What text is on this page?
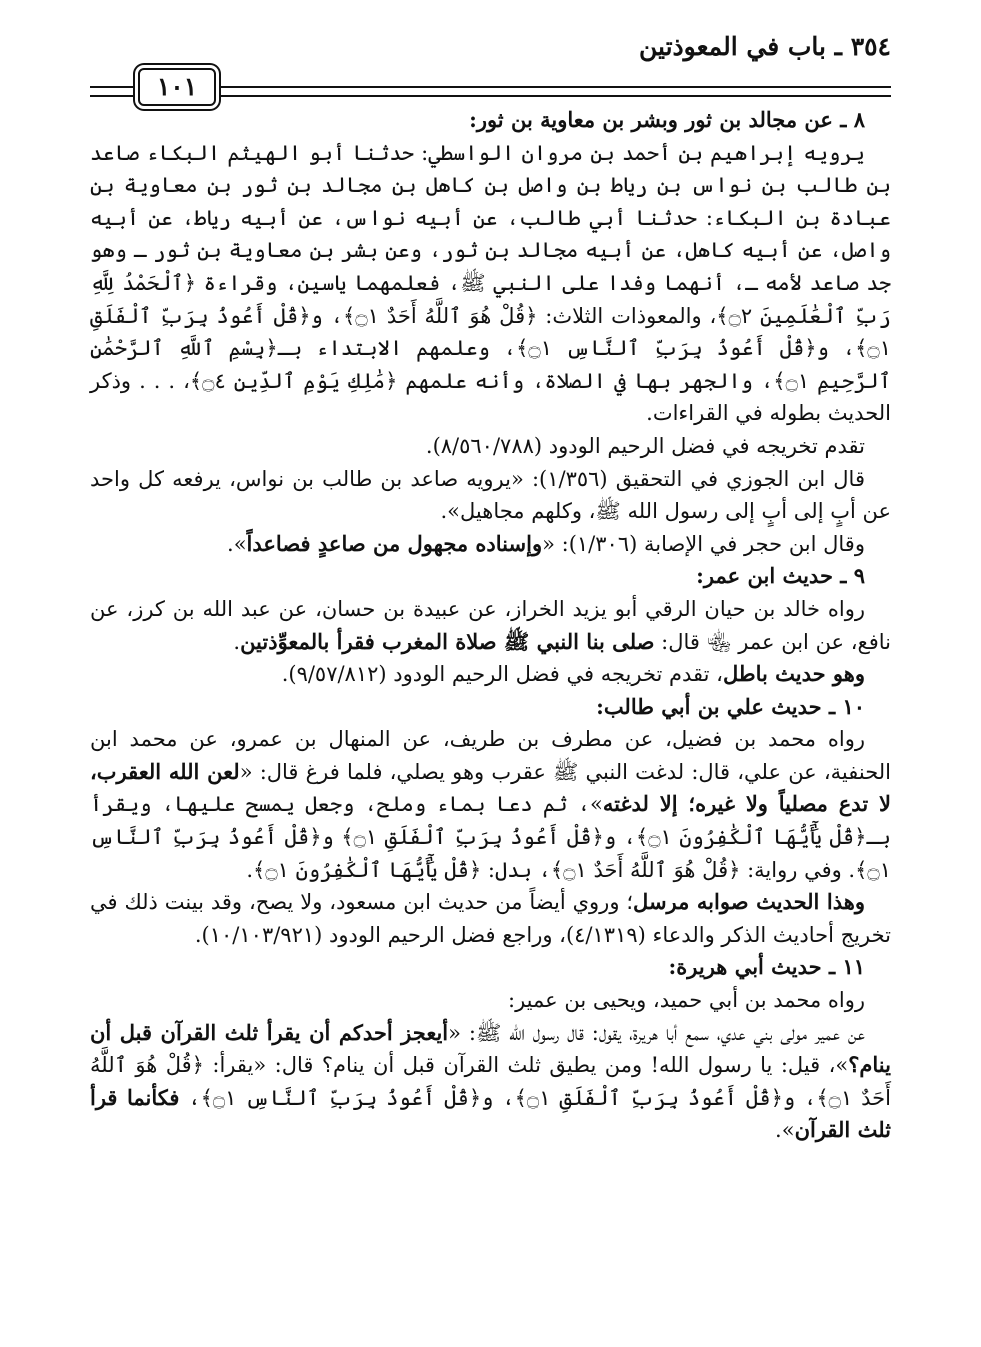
٣٥٤ ـ باب في المعوذتين
١٠١

٨ ـ عن مجالد بن ثور وبشر بن معاوية بن ثور:

يرويه إبراهيم بن أحمد بن مروان الواسطي: حدثنا أبو الهيثم البكاء صاعد بن طالب بن نواس بن رياط بن واصل بن كاهل بن مجالد بن ثور بن معاوية بن عبادة بن البكاء: حدثنا أبي طالب، عن أبيه نواس، عن أبيه رياط، عن أبيه واصل، عن أبيه كاهل، عن أبيه مجالد بن ثور، وعن بشر بن معاوية بن ثور ـ وهو جد صاعد لأمه ـ، أنهما وفدا على النبي ﷺ، فعلمهما ياسين، وقراءة ﴿ٱلْحَمْدُ لِلَّهِ رَبِّ ٱلْعَٰلَمِينَ ۝٢﴾، والمعوذات الثلاث: ﴿قُلْ هُوَ ٱللَّهُ أَحَدٌ ۝١﴾، و﴿قُلْ أَعُوذُ بِرَبِّ ٱلْفَلَقِ ۝١﴾، و﴿قُلْ أَعُوذُ بِرَبِّ ٱلنَّاسِ ۝١﴾، وعلمهم الابتداء بـ﴿بِسْمِ ٱللَّهِ ٱلرَّحْمَٰنِ ٱلرَّحِيمِ ۝١﴾، والجهر بها في الصلاة، وأنه علمهم ﴿مَٰلِكِ يَوْمِ ٱلدِّينِ ۝٤﴾، . . . وذكر الحديث بطوله في القراءات.

تقدم تخريجه في فضل الرحيم الودود (٨/٥٦٠/٧٨٨).

قال ابن الجوزي في التحقيق (١/٣٥٦): «يرويه صاعد بن طالب بن نواس، يرفعه كل واحد عن أبٍ إلى أبٍ إلى رسول الله ﷺ، وكلهم مجاهيل».

وقال ابن حجر في الإصابة (١/٣٠٦): «وإسناده مجهول من صاعدٍ فصاعداً».

٩ ـ حديث ابن عمر:

رواه خالد بن حيان الرقي أبو يزيد الخراز، عن عبيدة بن حسان، عن عبد الله بن كرز، عن نافع، عن ابن عمر ﵄ قال: صلى بنا النبي ﷺ صلاة المغرب فقرأ بالمعوِّذتين.

وهو حديث باطل، تقدم تخريجه في فضل الرحيم الودود (٩/٥٧/٨١٢).

١٠ ـ حديث علي بن أبي طالب:

رواه محمد بن فضيل، عن مطرف بن طريف، عن المنهال بن عمرو، عن محمد ابن الحنفية، عن علي، قال: لدغت النبي ﷺ عقرب وهو يصلي، فلما فرغ قال: «لعن الله العقرب، لا تدع مصلياً ولا غيره؛ إلا لدغته»، ثم دعا بماء وملح، وجعل يمسح عليها، ويقرأ بـ﴿قُلْ يَٰٓأَيُّهَا ٱلْكَٰفِرُونَ ۝١﴾، و﴿قُلْ أَعُوذُ بِرَبِّ ٱلْفَلَقِ ۝١﴾ و﴿قُلْ أَعُوذُ بِرَبِّ ٱلنَّاسِ ۝١﴾. وفي رواية: ﴿قُلْ هُوَ ٱللَّهُ أَحَدٌ ۝١﴾، بدل: ﴿قُلْ يَٰٓأَيُّهَا ٱلْكَٰفِرُونَ ۝١﴾.

وهذا الحديث صوابه مرسل؛ وروي أيضاً من حديث ابن مسعود، ولا يصح، وقد بينت ذلك في تخريج أحاديث الذكر والدعاء (٤/١٣١٩)، وراجع فضل الرحيم الودود (١٠/١٠٣/٩٢١).

١١ ـ حديث أبي هريرة:

رواه محمد بن أبي حميد، ويحيى بن عمير:

عن عمير مولى بني عدي، سمع أبا هريرة، يقول: قال رسول الله ﷺ: «أيعجز أحدكم أن يقرأ ثلث القرآن قبل أن ينام؟»، قيل: يا رسول الله! ومن يطيق ثلث القرآن قبل أن ينام؟ قال: «يقرأ: ﴿قُلْ هُوَ ٱللَّهُ أَحَدٌ ۝١﴾، و﴿قُلْ أَعُوذُ بِرَبِّ ٱلْفَلَقِ ۝١﴾، و﴿قُلْ أَعُوذُ بِرَبِّ ٱلنَّاسِ ۝١﴾، فكأنما قرأ ثلث القرآن».
